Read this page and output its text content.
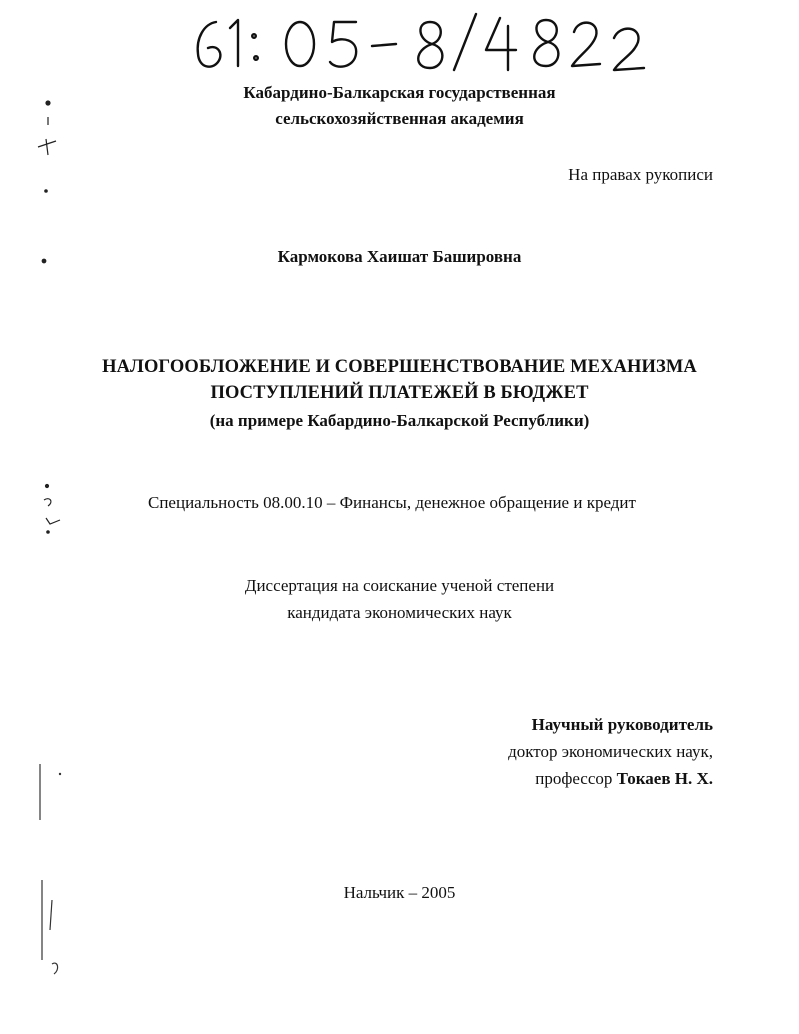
Кабардино-Балкарская государственная
сельскохозяйственная академия
На правах рукописи
Кармокова Хаишат Башировна
НАЛОГООБЛОЖЕНИЕ И СОВЕРШЕНСТВОВАНИЕ МЕХАНИЗМА
ПОСТУПЛЕНИЙ ПЛАТЕЖЕЙ В БЮДЖЕТ
(на примере Кабардино-Балкарской Республики)
Специальность 08.00.10 – Финансы, денежное обращение и кредит
Диссертация на соискание ученой степени
кандидата экономических наук
Научный руководитель
доктор экономических наук,
профессор Токаев Н. Х.
Нальчик – 2005
